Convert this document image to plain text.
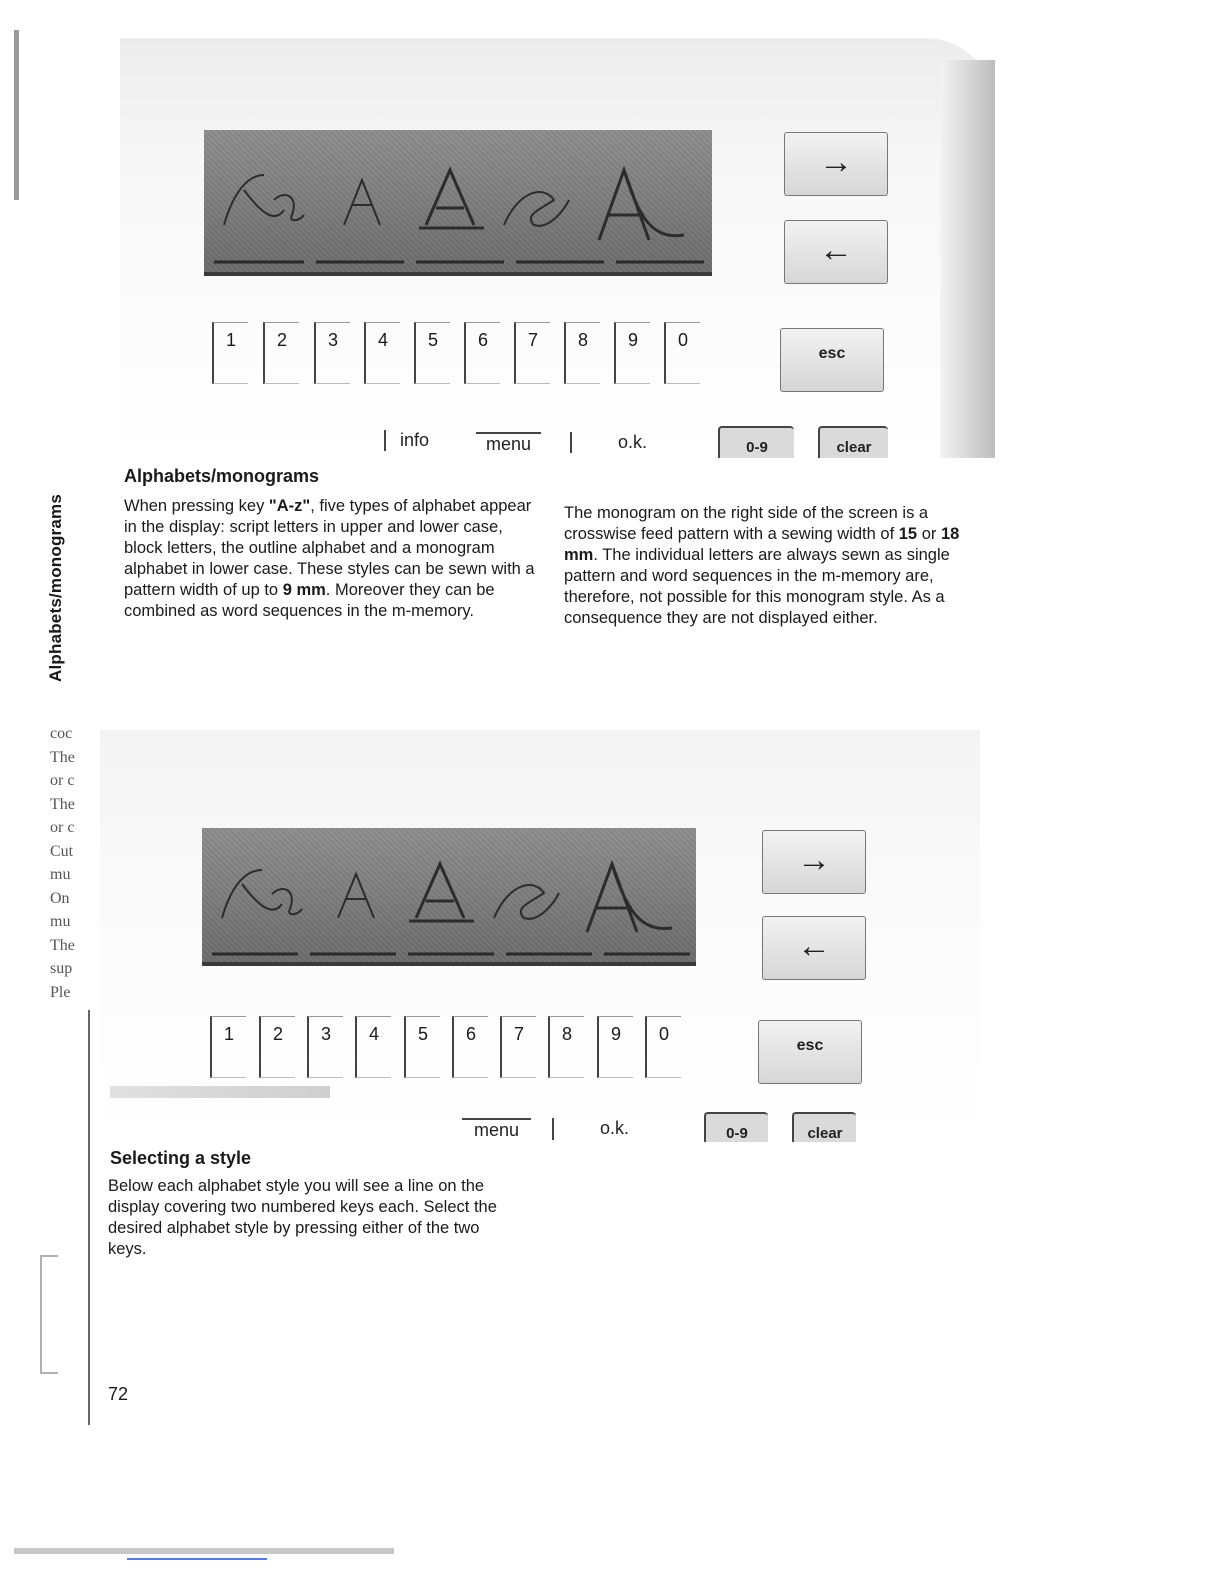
Alphabets/monograms
coc
The
or c
The
or c
Cut
mu
On
mu
The
sup
Ple
1	2	3	4	5	6	7	8	9	0
→
←
esc
info	menu	o.k.	0-9	clear
Alphabets/monograms

When pressing key "A-z", five types of alphabet appear in the display: script letters in upper and lower case, block letters, the outline alphabet and a monogram alphabet in lower case. These styles can be sewn with a pattern width of up to 9 mm. Moreover they can be combined as word sequences in the m-memory.

The monogram on the right side of the screen is a crosswise feed pattern with a sewing width of 15 or 18 mm. The individual letters are always sewn as single pattern and word sequences in the m-memory are, therefore, not possible for this monogram style. As a consequence they are not displayed either.

1	2	3	4	5	6	7	8	9	0
→
←
esc
menu	o.k.	0-9	clear
Selecting a style

Below each alphabet style you will see a line on the display covering two numbered keys each. Select the desired alphabet style by pressing either of the two keys.

72
